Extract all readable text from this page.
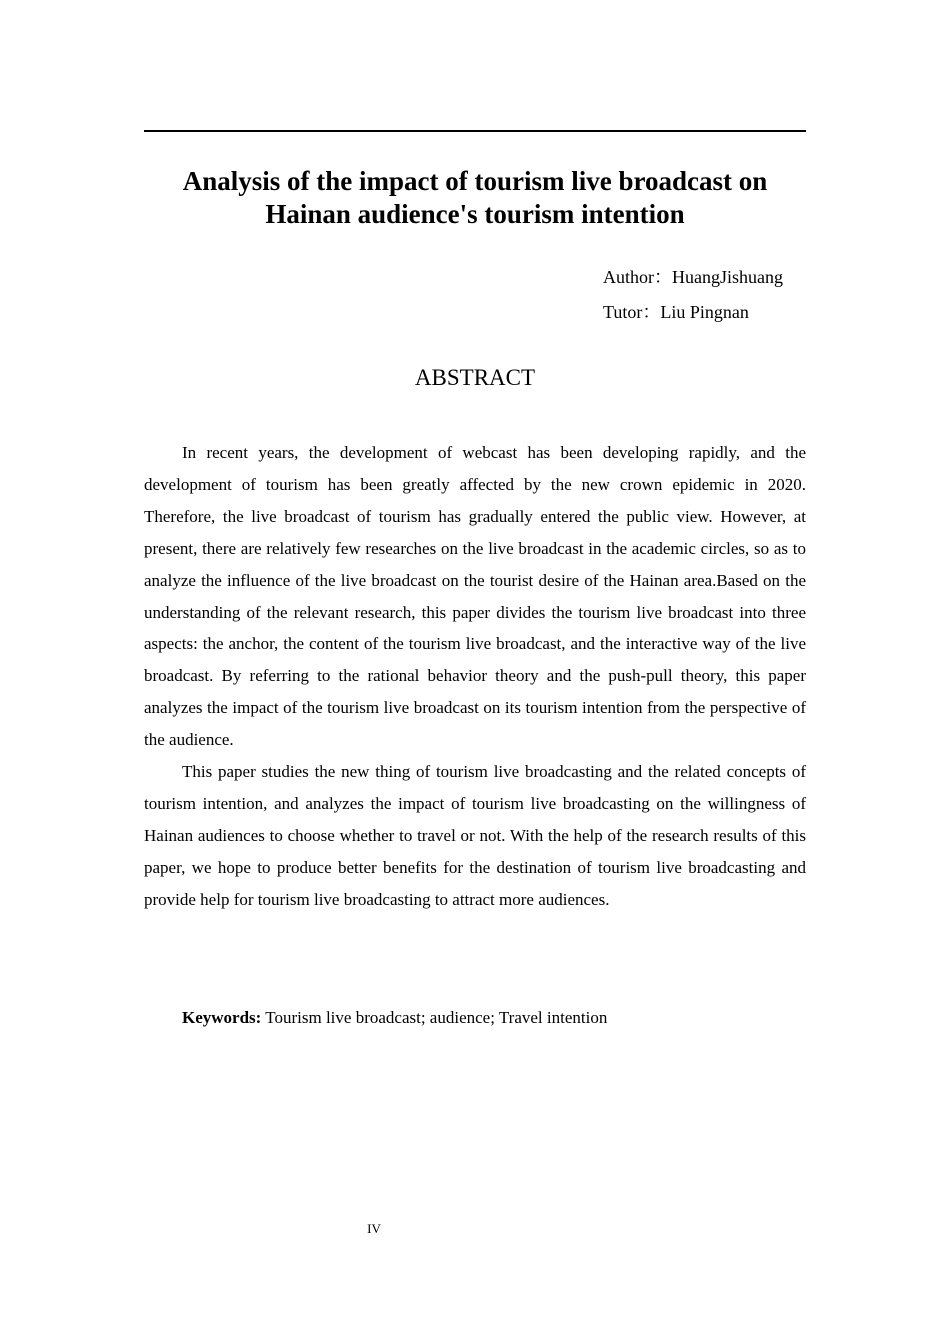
Analysis of the impact of tourism live broadcast on
Hainan audience's tourism intention
Author：HuangJishuang
Tutor：Liu Pingnan
ABSTRACT

In recent years, the development of webcast has been developing rapidly, and the development of tourism has been greatly affected by the new crown epidemic in 2020. Therefore, the live broadcast of tourism has gradually entered the public view. However, at present, there are relatively few researches on the live broadcast in the academic circles, so as to analyze the influence of the live broadcast on the tourist desire of the Hainan area.Based on the understanding of the relevant research, this paper divides the tourism live broadcast into three aspects: the anchor, the content of the tourism live broadcast, and the interactive way of the live broadcast. By referring to the rational behavior theory and the push-pull theory, this paper analyzes the impact of the tourism live broadcast on its tourism intention from the perspective of the audience.

This paper studies the new thing of tourism live broadcasting and the related concepts of tourism intention, and analyzes the impact of tourism live broadcasting on the willingness of Hainan audiences to choose whether to travel or not. With the help of the research results of this paper, we hope to produce better benefits for the destination of tourism live broadcasting and provide help for tourism live broadcasting to attract more audiences.

Keywords: Tourism live broadcast; audience; Travel intention
IV
